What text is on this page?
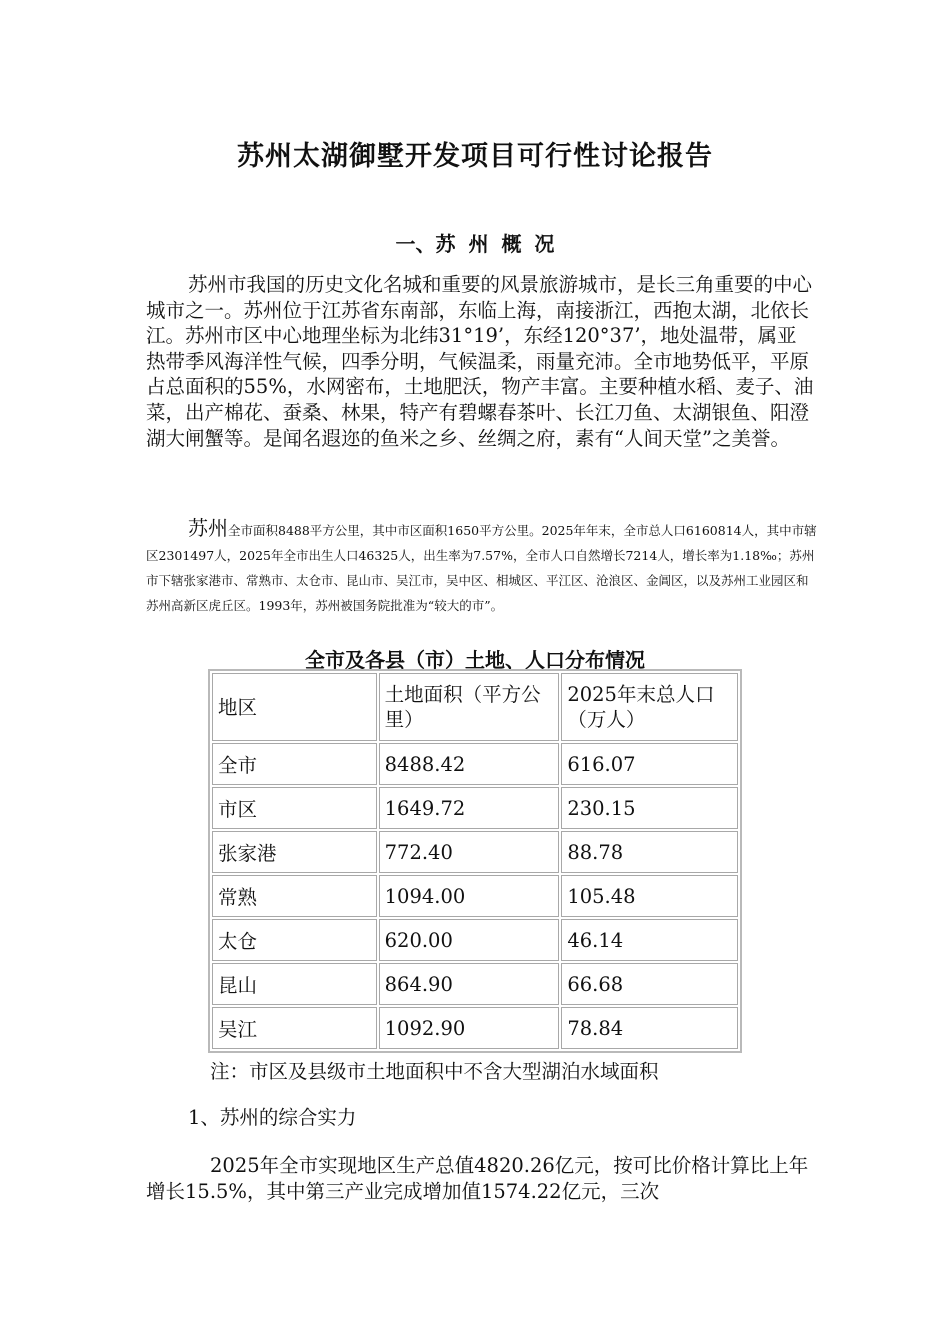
苏州太湖御墅开发项目可行性讨论报告
一、苏 州 概 况

苏州市我国的历史文化名城和重要的风景旅游城市，是长三角重要的中心城市之一。苏州位于江苏省东南部，东临上海，南接浙江，西抱太湖，北依长江。苏州市区中心地理坐标为北纬31°19’，东经120°37’，地处温带，属亚热带季风海洋性气候，四季分明，气候温柔，雨量充沛。全市地势低平，平原占总面积的55%，水网密布，土地肥沃，物产丰富。主要种植水稻、麦子、油菜，出产棉花、蚕桑、林果，特产有碧螺春茶叶、长江刀鱼、太湖银鱼、阳澄湖大闸蟹等。是闻名遐迩的鱼米之乡、丝绸之府，素有“人间天堂”之美誉。

苏州全市面积8488平方公里，其中市区面积1650平方公里。2025年年末，全市总人口6160814人，其中市辖区2301497人，2025年全市出生人口46325人，出生率为7.57%，全市人口自然增长7214人，增长率为1.18‰；苏州市下辖张家港市、常熟市、太仓市、昆山市、吴江市，吴中区、相城区、平江区、沧浪区、金阊区，以及苏州工业园区和苏州高新区虎丘区。1993年，苏州被国务院批准为“较大的市”。

全市及各县（市）土地、人口分布情况
地区	土地面积（平方公里）	2025年末总人口（万人）
全市	8488.42	616.07
市区	1649.72	230.15
张家港	772.40	88.78
常熟	1094.00	105.48
太仓	620.00	46.14
昆山	864.90	66.68
吴江	1092.90	78.84
注：市区及县级市土地面积中不含大型湖泊水域面积
1、苏州的综合实力

2025年全市实现地区生产总值4820.26亿元，按可比价格计算比上年增长15.5%，其中第三产业完成增加值1574.22亿元，三次
